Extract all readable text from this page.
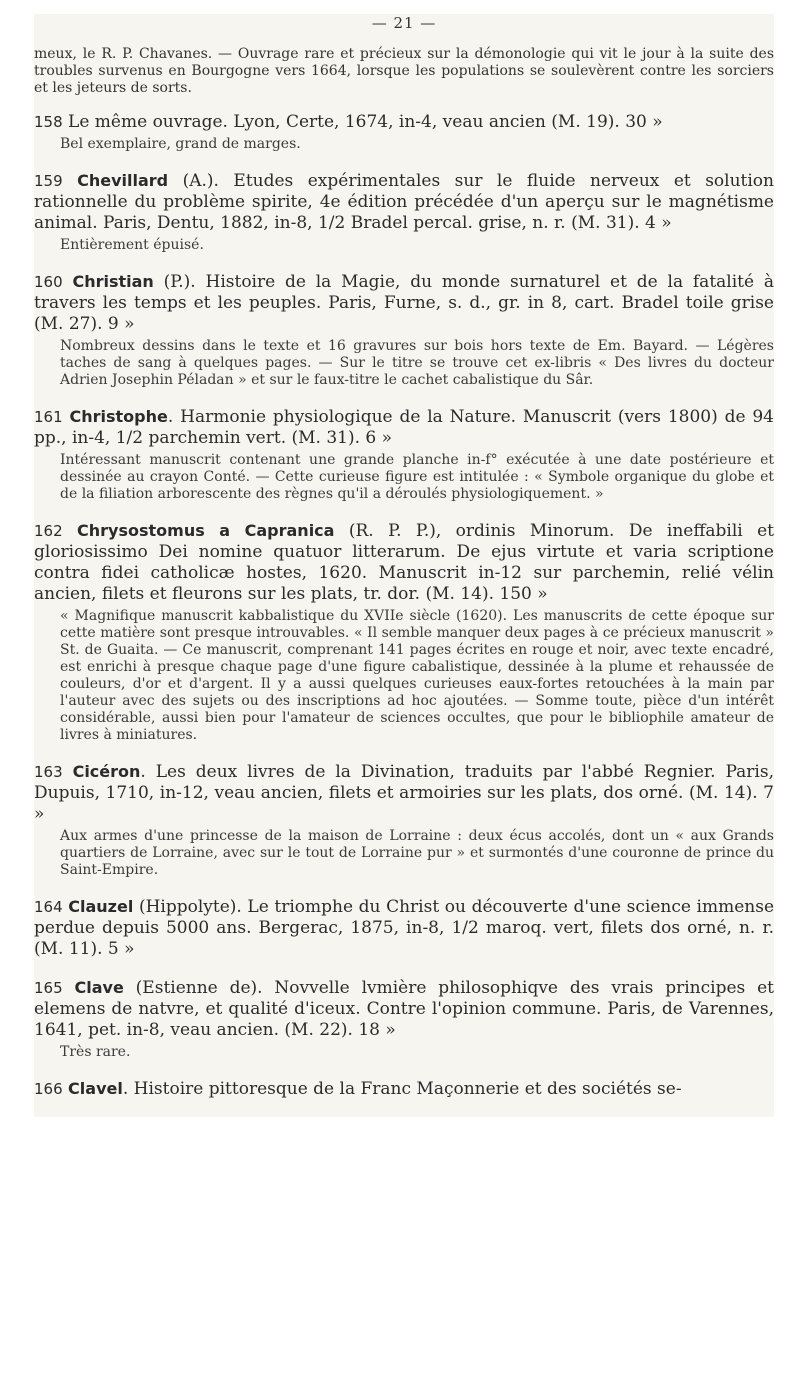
— 21 —

meux, le R. P. Chavanes. — Ouvrage rare et précieux sur la démonologie qui vit le jour à la suite des troubles survenus en Bourgogne vers 1664, lorsque les populations se soulevèrent contre les sorciers et les jeteurs de sorts.

158 Le même ouvrage. Lyon, Certe, 1674, in-4, veau ancien (M. 19). 30 »

Bel exemplaire, grand de marges.

159 Chevillard (A.). Etudes expérimentales sur le fluide nerveux et solution rationnelle du problème spirite, 4e édition précédée d'un aperçu sur le magnétisme animal. Paris, Dentu, 1882, in-8, 1/2 Bradel percal. grise, n. r. (M. 31). 4 »

Entièrement épuisé.

160 Christian (P.). Histoire de la Magie, du monde surnaturel et de la fatalité à travers les temps et les peuples. Paris, Furne, s. d., gr. in 8, cart. Bradel toile grise (M. 27). 9 »

Nombreux dessins dans le texte et 16 gravures sur bois hors texte de Em. Bayard. — Légères taches de sang à quelques pages. — Sur le titre se trouve cet ex-libris « Des livres du docteur Adrien Josephin Péladan » et sur le faux-titre le cachet cabalistique du Sâr.

161 Christophe. Harmonie physiologique de la Nature. Manuscrit (vers 1800) de 94 pp., in-4, 1/2 parchemin vert. (M. 31). 6 »

Intéressant manuscrit contenant une grande planche in-f° exécutée à une date postérieure et dessinée au crayon Conté. — Cette curieuse figure est intitulée : « Symbole organique du globe et de la filiation arborescente des règnes qu'il a déroulés physiologiquement. »

162 Chrysostomus a Capranica (R. P. P.), ordinis Minorum. De ineffabili et gloriosissimo Dei nomine quatuor litterarum. De ejus virtute et varia scriptione contra fidei catholicæ hostes, 1620. Manuscrit in-12 sur parchemin, relié vélin ancien, filets et fleurons sur les plats, tr. dor. (M. 14). 150 »

« Magnifique manuscrit kabbalistique du XVIIe siècle (1620). Les manuscrits de cette époque sur cette matière sont presque introuvables. « Il semble manquer deux pages à ce précieux manuscrit » St. de Guaita. — Ce manuscrit, comprenant 141 pages écrites en rouge et noir, avec texte encadré, est enrichi à presque chaque page d'une figure cabalistique, dessinée à la plume et rehaussée de couleurs, d'or et d'argent. Il y a aussi quelques curieuses eaux-fortes retouchées à la main par l'auteur avec des sujets ou des inscriptions ad hoc ajoutées. — Somme toute, pièce d'un intérêt considérable, aussi bien pour l'amateur de sciences occultes, que pour le bibliophile amateur de livres à miniatures.

163 Cicéron. Les deux livres de la Divination, traduits par l'abbé Regnier. Paris, Dupuis, 1710, in-12, veau ancien, filets et armoiries sur les plats, dos orné. (M. 14). 7 »

Aux armes d'une princesse de la maison de Lorraine : deux écus accolés, dont un « aux Grands quartiers de Lorraine, avec sur le tout de Lorraine pur » et surmontés d'une couronne de prince du Saint-Empire.

164 Clauzel (Hippolyte). Le triomphe du Christ ou découverte d'une science immense perdue depuis 5000 ans. Bergerac, 1875, in-8, 1/2 maroq. vert, filets dos orné, n. r. (M. 11). 5 »

165 Clave (Estienne de). Novvelle lvmière philosophiqve des vrais principes et elemens de natvre, et qualité d'iceux. Contre l'opinion commune. Paris, de Varennes, 1641, pet. in-8, veau ancien. (M. 22). 18 »

Très rare.

166 Clavel. Histoire pittoresque de la Franc Maçonnerie et des sociétés se-
